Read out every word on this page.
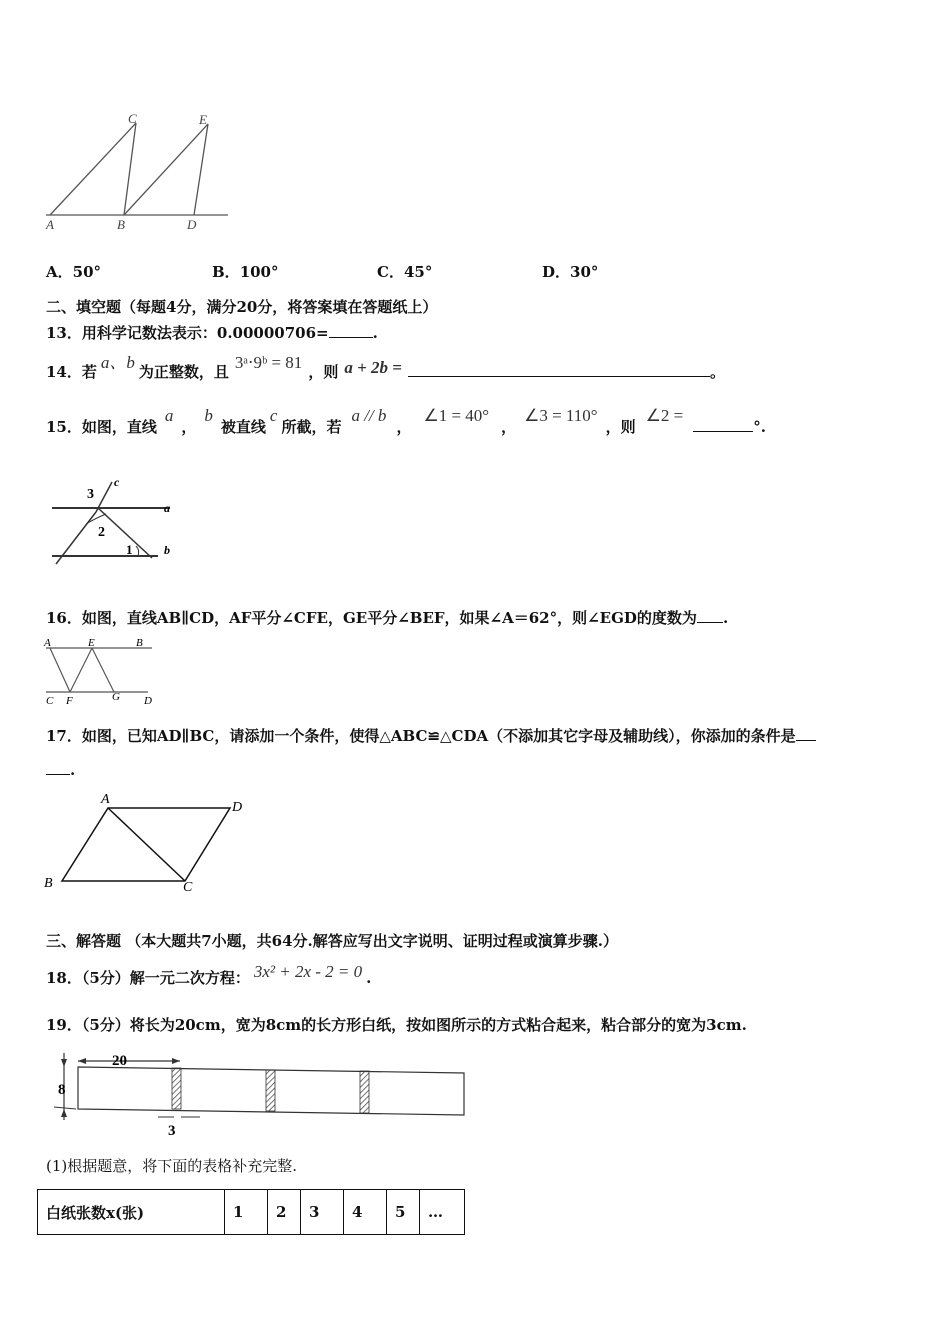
C	E
A	B	D
A．50°	B．100°	C．45°	D．30°
二、填空题（每题4分，满分20分，将答案填在答题纸上）
13．用科学记数法表示：0.00000706=	.
14．若 a、b 为正整数，且 3ᵃ⋅9ᵇ = 81 ，则 a + 2b =	。
15．如图，直线a，b被直线c所截，若a // b，∠1 = 40°，∠3 = 110°，则∠2 =°.
3
c
a
2
1	b
16．如图，直线AB∥CD，AF平分∠CFE，GE平分∠BEF，如果∠A＝62°，则∠EGD的度数为 .
A	E	B
C F	G D
17．如图，已知AD∥BC，请添加一个条件，使得△ABC≌△CDA（不添加其它字母及辅助线），你添加的条件是
.
A
D
B	C
三、解答题 （本大题共7小题，共64分.解答应写出文字说明、证明过程或演算步骤.）
18．（5分）解一元二次方程： 3x² + 2x - 2 = 0 .
19．（5分）将长为20cm，宽为8cm的长方形白纸，按如图所示的方式粘合起来，粘合部分的宽为3cm.
20
8
3
(1)根据题意，将下面的表格补充完整.
白纸张数x(张)	1	2	3	4	5	…
